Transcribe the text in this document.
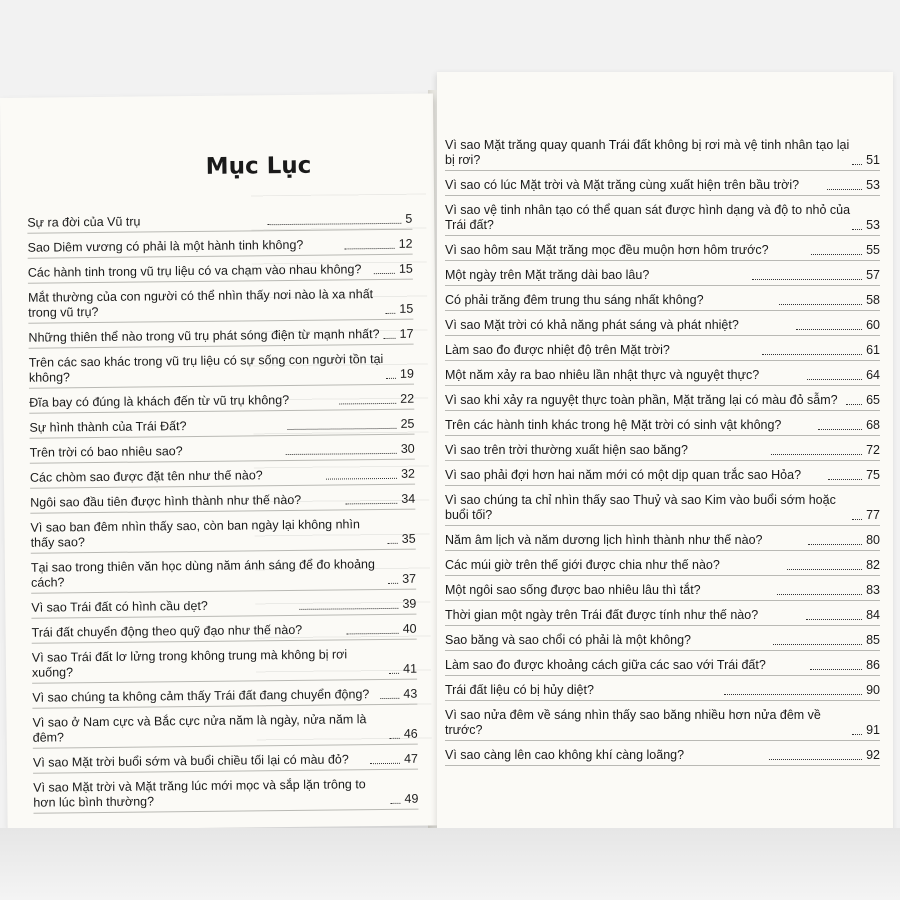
Mục Lục
Sự ra đời của Vũ trụ	5
Sao Diêm vương có phải là một hành tinh không?	12
Các hành tinh trong vũ trụ liệu có va chạm vào nhau không?	15
Mắt thường của con người có thể nhìn thấy nơi nào là xa nhất trong vũ trụ?	15
Những thiên thể nào trong vũ trụ phát sóng điện từ mạnh nhất? 17
Trên các sao khác trong vũ trụ liệu có sự sống con người tồn tại không?	19
Đĩa bay có đúng là khách đến từ vũ trụ không?	22
Sự hình thành của Trái Đất?	25
Trên trời có bao nhiêu sao?	30
Các chòm sao được đặt tên như thế nào?	32
Ngôi sao đầu tiên được hình thành như thế nào?	34
Vì sao ban đêm nhìn thấy sao, còn ban ngày lại không nhìn thấy sao?	35
Tại sao trong thiên văn học dùng năm ánh sáng để đo khoảng cách?	37
Vì sao Trái đất có hình cầu dẹt?	39
Trái đất chuyển động theo quỹ đạo như thế nào?	40
Vì sao Trái đất lơ lửng trong không trung mà không bị rơi xuống?	41
Vì sao chúng ta không cảm thấy Trái đất đang chuyển động?	43
Vì sao ở Nam cực và Bắc cực nửa năm là ngày, nửa năm là đêm?	46
Vì sao Mặt trời buổi sớm và buổi chiều tối lại có màu đỏ?	47
Vì sao Mặt trời và Mặt trăng lúc mới mọc và sắp lặn trông to hơn lúc bình thường?	49
Vì sao Mặt trăng quay quanh Trái đất không bị rơi mà vệ tinh nhân tạo lại bị rơi?	51
Vì sao có lúc Mặt trời và Mặt trăng cùng xuất hiện trên bầu trời?	53
Vì sao vệ tinh nhân tạo có thể quan sát được hình dạng và độ to nhỏ của Trái đất?	53
Vì sao hôm sau Mặt trăng mọc đều muộn hơn hôm trước?	55
Một ngày trên Mặt trăng dài bao lâu?	57
Có phải trăng đêm trung thu sáng nhất không?	58
Vì sao Mặt trời có khả năng phát sáng và phát nhiệt?	60
Làm sao đo được nhiệt độ trên Mặt trời?	61
Một năm xảy ra bao nhiêu lần nhật thực và nguyệt thực?	64
Vì sao khi xảy ra nguyệt thực toàn phần, Mặt trăng lại có màu đỏ sẫm?	65
Trên các hành tinh khác trong hệ Mặt trời có sinh vật không?	68
Vì sao trên trời thường xuất hiện sao băng?	72
Vì sao phải đợi hơn hai năm mới có một dịp quan trắc sao Hỏa?	75
Vì sao chúng ta chỉ nhìn thấy sao Thuỷ và sao Kim vào buổi sớm hoặc buổi tối?	77
Năm âm lịch và năm dương lịch hình thành như thế nào?	80
Các múi giờ trên thế giới được chia như thế nào?	82
Một ngôi sao sống được bao nhiêu lâu thì tắt?	83
Thời gian một ngày trên Trái đất được tính như thế nào?	84
Sao băng và sao chổi có phải là một không?	85
Làm sao đo được khoảng cách giữa các sao với Trái đất?	86
Trái đất liệu có bị hủy diệt?	90
Vì sao nửa đêm về sáng nhìn thấy sao băng nhiều hơn nửa đêm về trước?	91
Vì sao càng lên cao không khí càng loãng?	92
